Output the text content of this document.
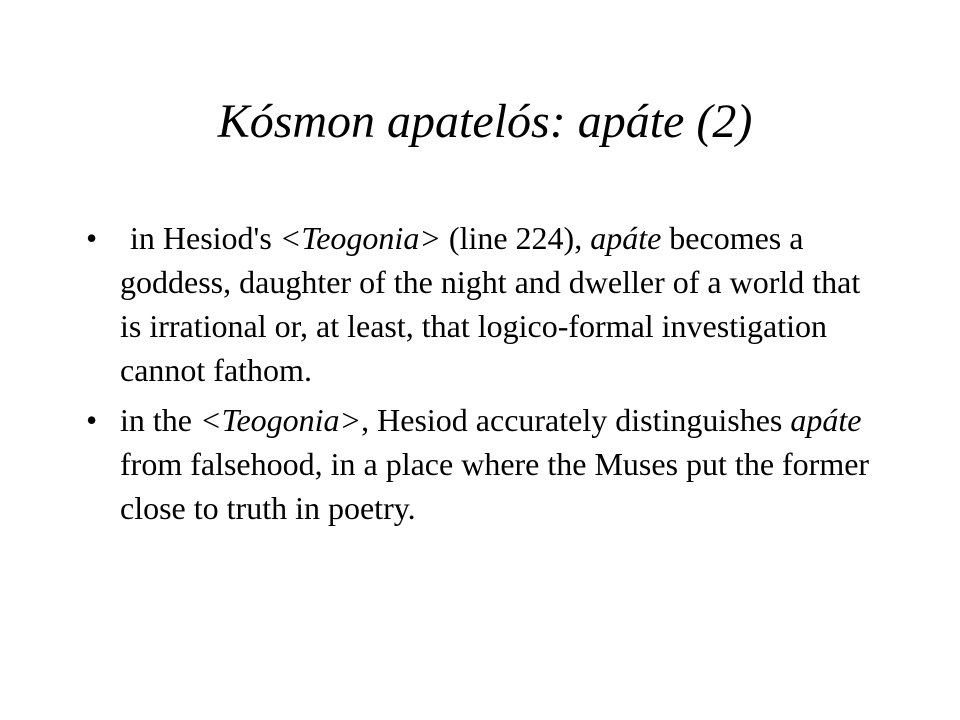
Kósmon apatelós: apáte (2)
•	in Hesiod's <Teogonia> (line 224), apáte becomes a goddess, daughter of the night and dweller of a world that is irrational or, at least, that logico-formal investigation cannot fathom.
• in the <Teogonia>, Hesiod accurately distinguishes apáte from falsehood, in a place where the Muses put the former close to truth in poetry.
